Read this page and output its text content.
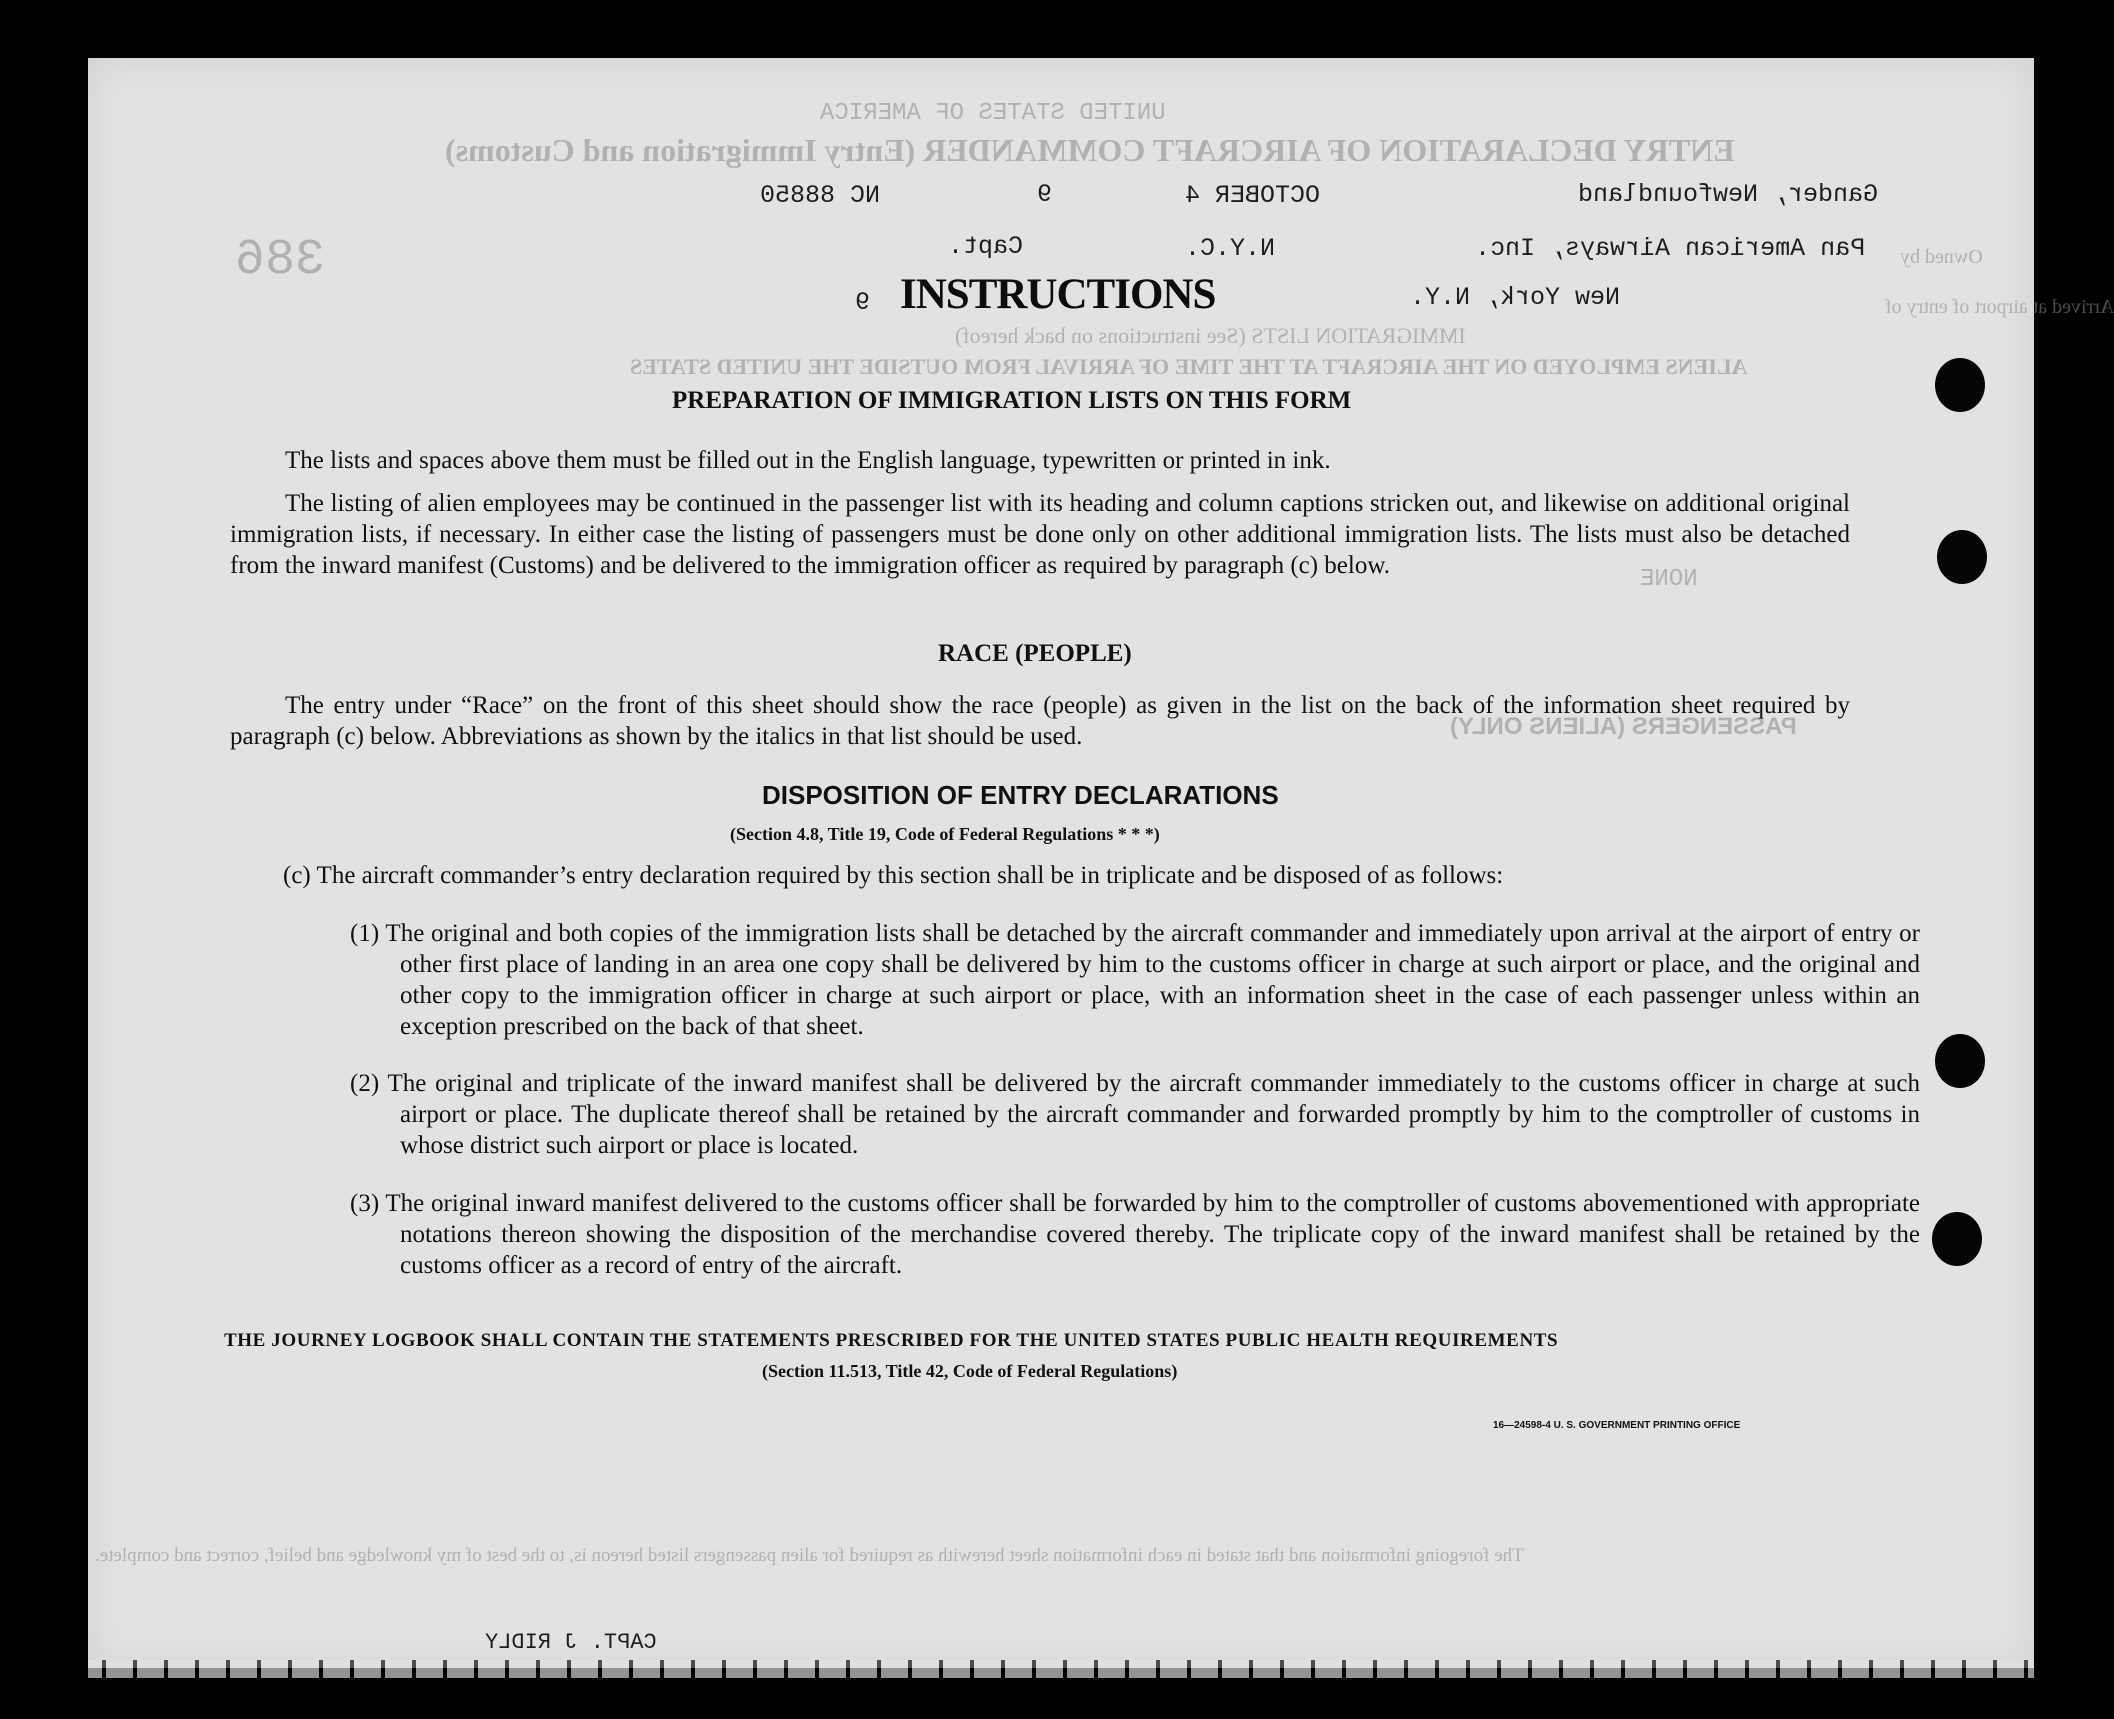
UNITED STATES OF AMERICA
ENTRY DECLARATION OF AIRCRAFT COMMANDER (Entry Immigration and Customs)
386
IMMIGRATION LISTS (See instructions on back hereof)
ALIENS EMPLOYED ON THE AIRCRAFT AT THE TIME OF ARRIVAL FROM OUTSIDE THE UNITED STATES
Arrived at airport of entry of
Owned by
NONE
PASSENGERS (ALIENS ONLY)
The foregoing information and that stated in each information sheet herewith as required for alien passengers listed hereon is, to the best of my knowledge and belief, correct and complete.
Gander, Newfoundland
OCTOBER 4
9
NC 88850
Pan American Airways, Inc.
N.Y.C.
Capt.
New York, N.Y.
9
CAPT. J RIDLY
INSTRUCTIONS
PREPARATION OF IMMIGRATION LISTS ON THIS FORM
The lists and spaces above them must be filled out in the English language, typewritten or printed in ink.
The listing of alien employees may be continued in the passenger list with its heading and column captions stricken out, and likewise on additional original immigration lists, if necessary. In either case the listing of passengers must be done only on other additional immigration lists. The lists must also be detached from the inward manifest (Customs) and be delivered to the immigration officer as required by paragraph (c) below.
RACE (PEOPLE)
The entry under “Race” on the front of this sheet should show the race (people) as given in the list on the back of the information sheet required by paragraph (c) below. Abbreviations as shown by the italics in that list should be used.
DISPOSITION OF ENTRY DECLARATIONS
(Section 4.8, Title 19, Code of Federal Regulations * * *)
(c) The aircraft commander’s entry declaration required by this section shall be in triplicate and be disposed of as follows:
(1) The original and both copies of the immigration lists shall be detached by the aircraft commander and immediately upon arrival at the airport of entry or other first place of landing in an area one copy shall be delivered by him to the customs officer in charge at such airport or place, and the original and other copy to the immigration officer in charge at such airport or place, with an information sheet in the case of each passenger unless within an exception prescribed on the back of that sheet.
(2) The original and triplicate of the inward manifest shall be delivered by the aircraft commander immediately to the customs officer in charge at such airport or place. The duplicate thereof shall be retained by the aircraft commander and forwarded promptly by him to the comptroller of customs in whose district such airport or place is located.
(3) The original inward manifest delivered to the customs officer shall be forwarded by him to the comptroller of customs abovementioned with appropriate notations thereon showing the disposition of the merchandise covered thereby. The triplicate copy of the inward manifest shall be retained by the customs officer as a record of entry of the aircraft.
THE JOURNEY LOGBOOK SHALL CONTAIN THE STATEMENTS PRESCRIBED FOR THE UNITED STATES PUBLIC HEALTH REQUIREMENTS
(Section 11.513, Title 42, Code of Federal Regulations)
16—24598-4 U. S. GOVERNMENT PRINTING OFFICE
